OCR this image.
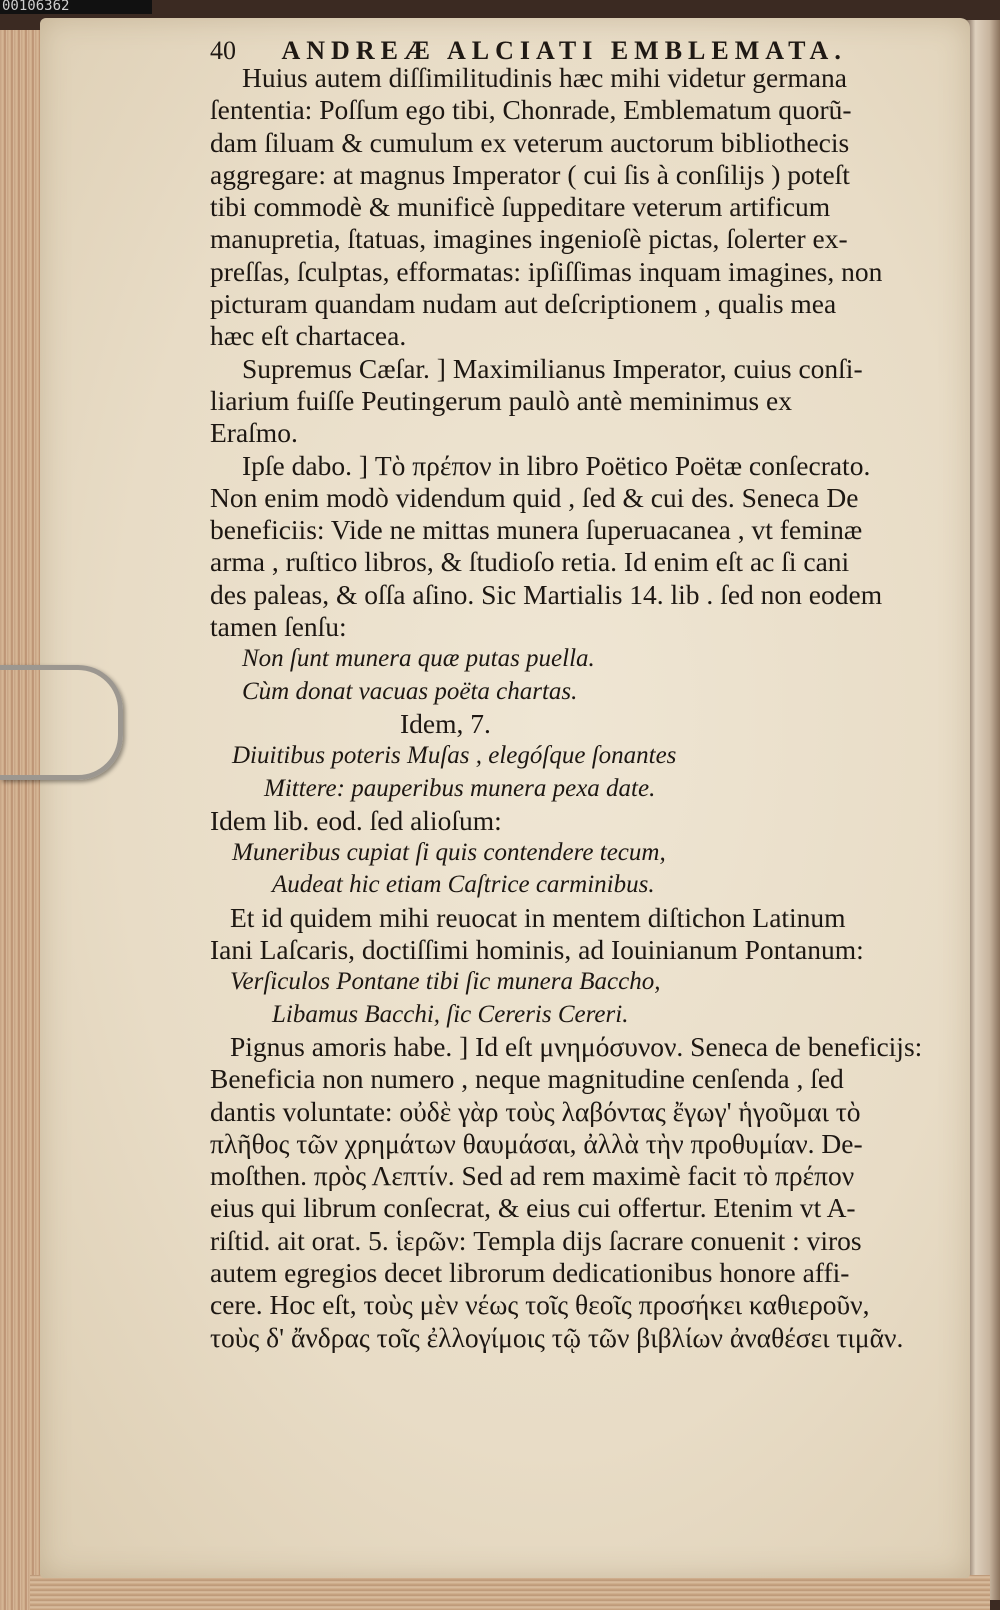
00106362
40 ANDREÆ ALCIATI EMBLEMATA.
Huius autem diſſimilitudinis hæc mihi videtur germana
ſententia: Poſſum ego tibi, Chonrade, Emblematum quorũ-
dam ſiluam & cumulum ex veterum auctorum bibliothecis
aggregare: at magnus Imperator ( cui ſis à conſilijs ) poteſt
tibi commodè & munificè ſuppeditare veterum artificum
manupretia, ſtatuas, imagines ingenioſè pictas, ſolerter ex-
preſſas, ſculptas, efformatas: ipſiſſimas inquam imagines, non
picturam quandam nudam aut deſcriptionem , qualis mea
hæc eſt chartacea.
Supremus Cæſar. ] Maximilianus Imperator, cuius conſi-
liarium fuiſſe Peutingerum paulò antè meminimus ex
Eraſmo.
Ipſe dabo. ] Τὸ πρέπον in libro Poëtico Poëtæ conſecrato.
Non enim modò videndum quid , ſed & cui des. Seneca De
beneficiis: Vide ne mittas munera ſuperuacanea , vt feminæ
arma , ruſtico libros, & ſtudioſo retia. Id enim eſt ac ſi cani
des paleas, & oſſa aſino. Sic Martialis 14. lib . ſed non eodem
tamen ſenſu:
Non ſunt munera quæ putas puella.
Cùm donat vacuas poëta chartas.
Idem, 7.
Diuitibus poteris Muſas , elegóſque ſonantes
Mittere: pauperibus munera pexa date.
Idem lib. eod. ſed alioſum:
Muneribus cupiat ſi quis contendere tecum,
Audeat hic etiam Caſtrice carminibus.
Et id quidem mihi reuocat in mentem diſtichon Latinum
Iani Laſcaris, doctiſſimi hominis, ad Iouinianum Pontanum:
Verſiculos Pontane tibi ſic munera Baccho,
Libamus Bacchi, ſic Cereris Cereri.
Pignus amoris habe. ] Id eſt μνημόσυνον. Seneca de beneficijs:
Beneficia non numero , neque magnitudine cenſenda , ſed
dantis voluntate: οὐδὲ γὰρ τοὺς λαβόντας ἔγωγ' ἡγοῦμαι τὸ
πλῆθος τῶν χρημάτων θαυμάσαι, ἀλλὰ τὴν προθυμίαν. De-
moſthen. πρὸς Λεπτίν. Sed ad rem maximè facit τὸ πρέπον
eius qui librum conſecrat, & eius cui offertur. Etenim vt A-
riſtid. ait orat. 5. ἱερῶν: Templa dijs ſacrare conuenit : viros
autem egregios decet librorum dedicationibus honore affi-
cere. Hoc eſt, τοὺς μὲν νέως τοῖς θεοῖς προσήκει καθιεροῦν,
τοὺς δ' ἄνδρας τοῖς ἐλλογίμοις τῷ τῶν βιβλίων ἀναθέσει τιμᾶν.
